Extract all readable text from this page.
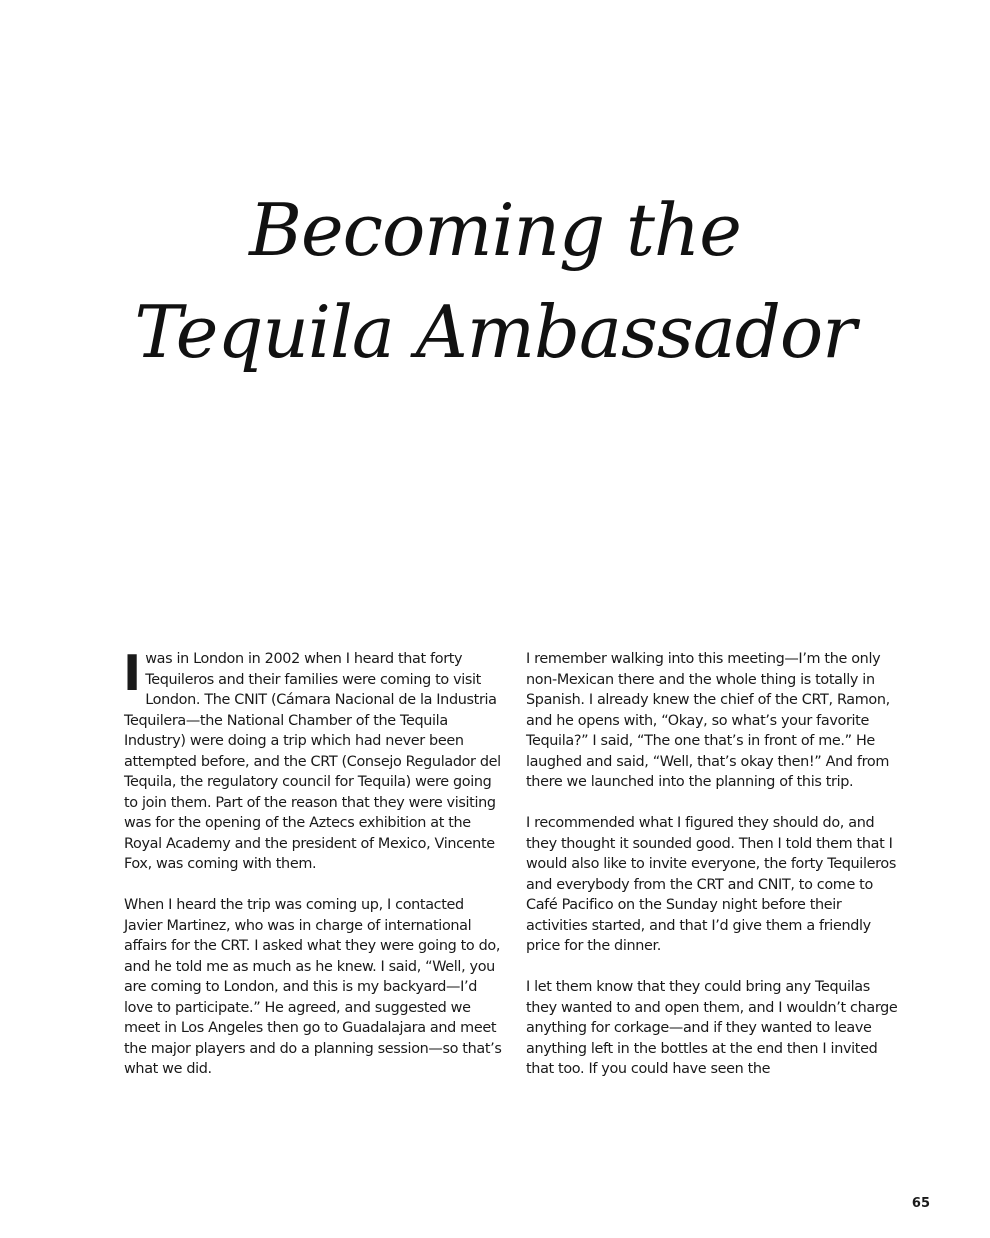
Becoming the
Tequila Ambassador

Iwas in London in 2002 when I heard that forty Tequileros and their families were coming to visit London. The CNIT (Cámara Nacional de la Industria Tequilera—the National Chamber of the Tequila Industry) were doing a trip which had never been attempted before, and the CRT (Consejo Regulador del Tequila, the regulatory council for Tequila) were going to join them. Part of the reason that they were visiting was for the opening of the Aztecs exhibition at the Royal Academy and the president of Mexico, Vincente Fox, was coming with them.

When I heard the trip was coming up, I contacted Javier Martinez, who was in charge of international affairs for the CRT. I asked what they were going to do, and he told me as much as he knew. I said, “Well, you are coming to London, and this is my backyard—I’d love to participate.” He agreed, and suggested we meet in Los Angeles then go to Guadalajara and meet the major players and do a planning session—so that’s what we did.

I remember walking into this meeting—I’m the only non-Mexican there and the whole thing is totally in Spanish. I already knew the chief of the CRT, Ramon, and he opens with, “Okay, so what’s your favorite Tequila?” I said, “The one that’s in front of me.” He laughed and said, “Well, that’s okay then!” And from there we launched into the planning of this trip.

I recommended what I figured they should do, and they thought it sounded good. Then I told them that I would also like to invite everyone, the forty Tequileros and everybody from the CRT and CNIT, to come to Café Pacifico on the Sunday night before their activities started, and that I’d give them a friendly price for the dinner.

I let them know that they could bring any Tequilas they wanted to and open them, and I wouldn’t charge anything for corkage—and if they wanted to leave anything left in the bottles at the end then I invited that too. If you could have seen the

65
